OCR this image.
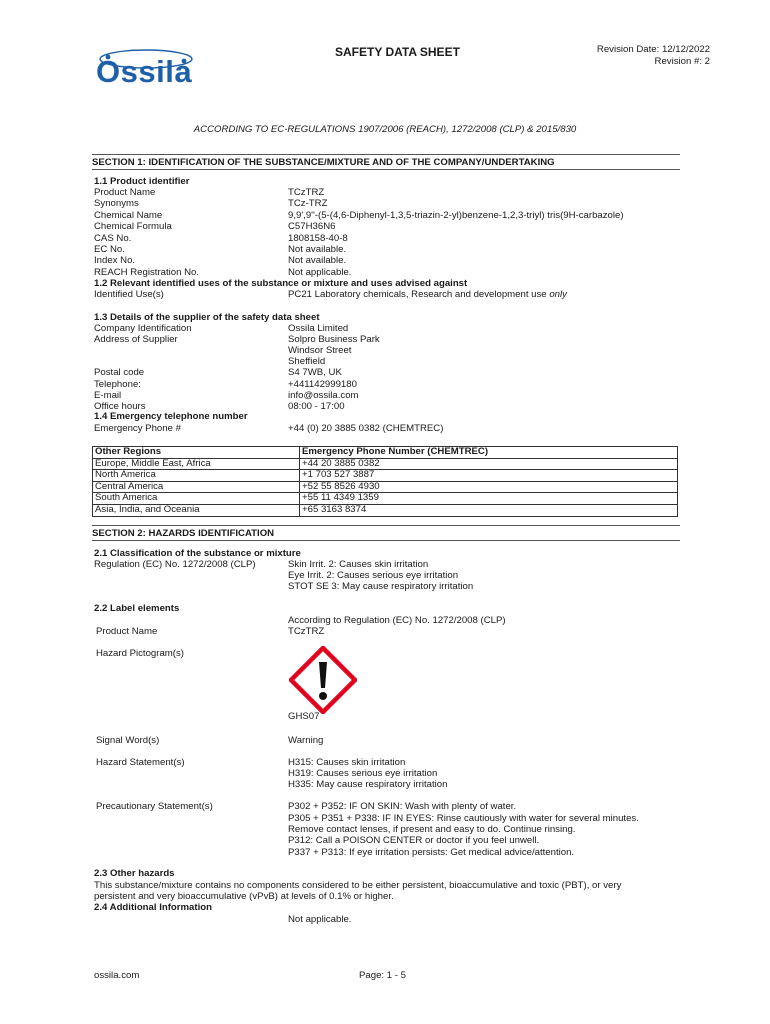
Ossila
SAFETY DATA SHEET	Revision Date: 12/12/2022
Revision #: 2
ACCORDING TO EC-REGULATIONS 1907/2006 (REACH), 1272/2008 (CLP) & 2015/830
SECTION 1: IDENTIFICATION OF THE SUBSTANCE/MIXTURE AND OF THE COMPANY/UNDERTAKING
1.1 Product identifier
Product Name	TCzTRZ
Synonyms	TCz-TRZ
Chemical Name	9,9',9''-(5-(4,6-Diphenyl-1,3,5-triazin-2-yl)benzene-1,2,3-triyl) tris(9H-carbazole)
Chemical Formula	C57H36N6
CAS No.	1808158-40-8
EC No.	Not available.
Index No.	Not available.
REACH Registration No.	Not applicable.
1.2 Relevant identified uses of the substance or mixture and uses advised against
Identified Use(s)	PC21 Laboratory chemicals, Research and development use only
1.3 Details of the supplier of the safety data sheet
Company Identification	Ossila Limited
Address of Supplier	Solpro Business Park
Windsor Street
Sheffield
Postal code	S4 7WB, UK
Telephone:	+441142999180
E-mail	info@ossila.com
Office hours	08:00 - 17:00
1.4 Emergency telephone number
Emergency Phone #	+44 (0) 20 3885 0382 (CHEMTREC)
Other Regions	Emergency Phone Number (CHEMTREC)
Europe, Middle East, Africa	+44 20 3885 0382
North America	+1 703 527 3887
Central America	+52 55 8526 4930
South America	+55 11 4349 1359
Asia, India, and Oceania	+65 3163 8374
SECTION 2: HAZARDS IDENTIFICATION
2.1 Classification of the substance or mixture
Regulation (EC) No. 1272/2008 (CLP)	Skin Irrit. 2: Causes skin irritation
Eye Irrit. 2: Causes serious eye irritation
STOT SE 3: May cause respiratory irritation
2.2 Label elements
According to Regulation (EC) No. 1272/2008 (CLP)
Product Name	TCzTRZ
Hazard Pictogram(s)
GHS07
Signal Word(s)	Warning
Hazard Statement(s)	H315: Causes skin irritation
H319: Causes serious eye irritation
H335: May cause respiratory irritation
Precautionary Statement(s)	P302 + P352: IF ON SKIN: Wash with plenty of water.
P305 + P351 + P338: IF IN EYES: Rinse cautiously with water for several minutes.
Remove contact lenses, if present and easy to do. Continue rinsing.
P312: Call a POISON CENTER or doctor if you feel unwell.
P337 + P313: If eye irritation persists: Get medical advice/attention.
2.3 Other hazards
This substance/mixture contains no components considered to be either persistent, bioaccumulative and toxic (PBT), or very
persistent and very bioaccumulative (vPvB) at levels of 0.1% or higher.
2.4 Additional Information
Not applicable.
ossila.com	Page: 1 - 5
